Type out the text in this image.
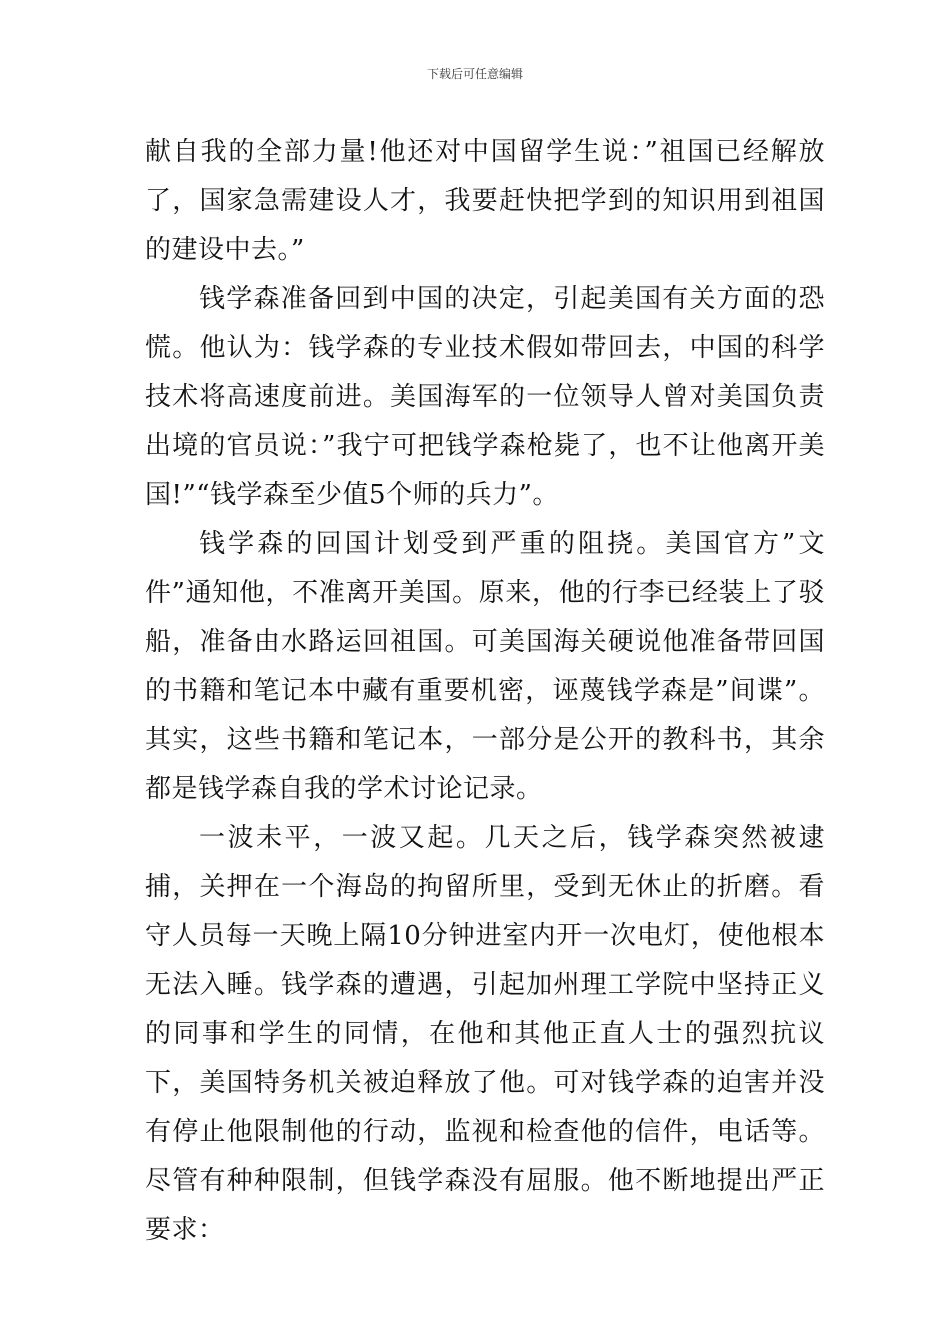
下载后可任意编辑

献自我的全部力量!他还对中国留学生说：”祖国已经解放了，国家急需建设人才，我要赶快把学到的知识用到祖国的建设中去。”

钱学森准备回到中国的决定，引起美国有关方面的恐慌。他认为：钱学森的专业技术假如带回去，中国的科学技术将高速度前进。美国海军的一位领导人曾对美国负责出境的官员说：”我宁可把钱学森枪毙了，也不让他离开美国!”“钱学森至少值5个师的兵力”。

钱学森的回国计划受到严重的阻挠。美国官方”文件”通知他，不准离开美国。原来，他的行李已经装上了驳船，准备由水路运回祖国。可美国海关硬说他准备带回国的书籍和笔记本中藏有重要机密，诬蔑钱学森是”间谍”。其实，这些书籍和笔记本，一部分是公开的教科书，其余都是钱学森自我的学术讨论记录。

一波未平，一波又起。几天之后，钱学森突然被逮捕，关押在一个海岛的拘留所里，受到无休止的折磨。看守人员每一天晚上隔10分钟进室内开一次电灯，使他根本无法入睡。钱学森的遭遇，引起加州理工学院中坚持正义的同事和学生的同情，在他和其他正直人士的强烈抗议下，美国特务机关被迫释放了他。可对钱学森的迫害并没有停止他限制他的行动，监视和检查他的信件，电话等。尽管有种种限制，但钱学森没有屈服。他不断地提出严正要求：
